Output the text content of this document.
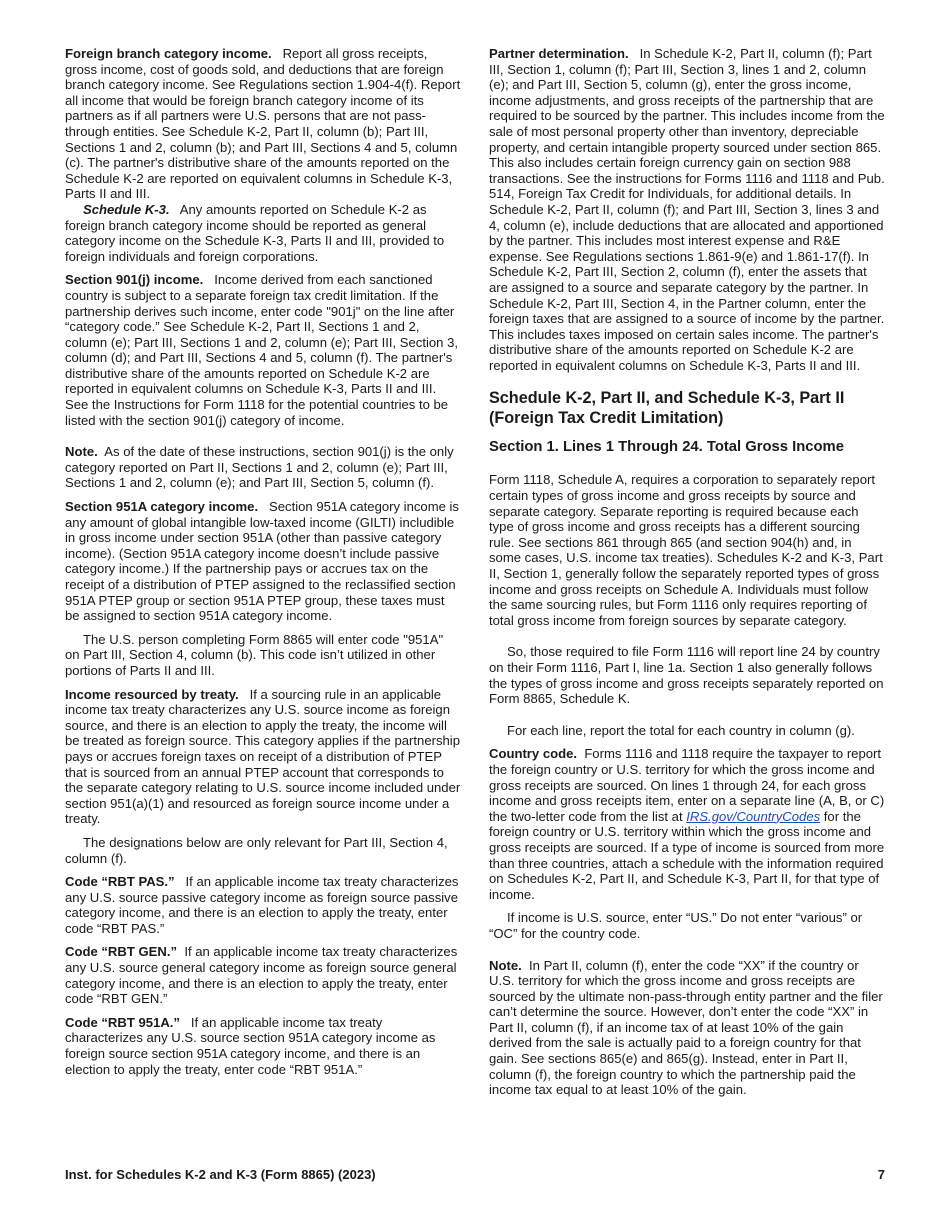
Foreign branch category income. Report all gross receipts, gross income, cost of goods sold, and deductions that are foreign branch category income. See Regulations section 1.904-4(f). Report all income that would be foreign branch category income of its partners as if all partners were U.S. persons that are not pass-through entities. See Schedule K-2, Part II, column (b); Part III, Sections 1 and 2, column (b); and Part III, Sections 4 and 5, column (c). The partner's distributive share of the amounts reported on the Schedule K-2 are reported on equivalent columns in Schedule K-3, Parts II and III.

Schedule K-3. Any amounts reported on Schedule K-2 as foreign branch category income should be reported as general category income on the Schedule K-3, Parts II and III, provided to foreign individuals and foreign corporations.

Section 901(j) income. Income derived from each sanctioned country is subject to a separate foreign tax credit limitation. If the partnership derives such income, enter code "901j" on the line after “category code.” See Schedule K-2, Part II, Sections 1 and 2, column (e); Part III, Sections 1 and 2, column (e); Part III, Section 3, column (d); and Part III, Sections 4 and 5, column (f). The partner's distributive share of the amounts reported on Schedule K-2 are reported in equivalent columns on Schedule K-3, Parts II and III. See the Instructions for Form 1118 for the potential countries to be listed with the section 901(j) category of income.

Note. As of the date of these instructions, section 901(j) is the only category reported on Part II, Sections 1 and 2, column (e); Part III, Sections 1 and 2, column (e); and Part III, Section 5, column (f).

Section 951A category income. Section 951A category income is any amount of global intangible low-taxed income (GILTI) includible in gross income under section 951A (other than passive category income). (Section 951A category income doesn’t include passive category income.) If the partnership pays or accrues tax on the receipt of a distribution of PTEP assigned to the reclassified section 951A PTEP group or section 951A PTEP group, these taxes must be assigned to section 951A category income.

The U.S. person completing Form 8865 will enter code "951A" on Part III, Section 4, column (b). This code isn’t utilized in other portions of Parts II and III.

Income resourced by treaty. If a sourcing rule in an applicable income tax treaty characterizes any U.S. source income as foreign source, and there is an election to apply the treaty, the income will be treated as foreign source. This category applies if the partnership pays or accrues foreign taxes on receipt of a distribution of PTEP that is sourced from an annual PTEP account that corresponds to the separate category relating to U.S. source income included under section 951(a)(1) and resourced as foreign source income under a treaty.

The designations below are only relevant for Part III, Section 4, column (f).

Code “RBT PAS.” If an applicable income tax treaty characterizes any U.S. source passive category income as foreign source passive category income, and there is an election to apply the treaty, enter code “RBT PAS.”

Code “RBT GEN.” If an applicable income tax treaty characterizes any U.S. source general category income as foreign source general category income, and there is an election to apply the treaty, enter code “RBT GEN.”

Code “RBT 951A.” If an applicable income tax treaty characterizes any U.S. source section 951A category income as foreign source section 951A category income, and there is an election to apply the treaty, enter code “RBT 951A.”

Partner determination. In Schedule K-2, Part II, column (f); Part III, Section 1, column (f); Part III, Section 3, lines 1 and 2, column (e); and Part III, Section 5, column (g), enter the gross income, income adjustments, and gross receipts of the partnership that are required to be sourced by the partner. This includes income from the sale of most personal property other than inventory, depreciable property, and certain intangible property sourced under section 865. This also includes certain foreign currency gain on section 988 transactions. See the instructions for Forms 1116 and 1118 and Pub. 514, Foreign Tax Credit for Individuals, for additional details. In Schedule K-2, Part II, column (f); and Part III, Section 3, lines 3 and 4, column (e), include deductions that are allocated and apportioned by the partner. This includes most interest expense and R&E expense. See Regulations sections 1.861-9(e) and 1.861-17(f). In Schedule K-2, Part III, Section 2, column (f), enter the assets that are assigned to a source and separate category by the partner. In Schedule K-2, Part III, Section 4, in the Partner column, enter the foreign taxes that are assigned to a source of income by the partner. This includes taxes imposed on certain sales income. The partner's distributive share of the amounts reported on Schedule K-2 are reported in equivalent columns on Schedule K-3, Parts II and III.

Schedule K-2, Part II, and Schedule K-3, Part II (Foreign Tax Credit Limitation)
Section 1. Lines 1 Through 24. Total Gross Income

Form 1118, Schedule A, requires a corporation to separately report certain types of gross income and gross receipts by source and separate category. Separate reporting is required because each type of gross income and gross receipts has a different sourcing rule. See sections 861 through 865 (and section 904(h) and, in some cases, U.S. income tax treaties). Schedules K-2 and K-3, Part II, Section 1, generally follow the separately reported types of gross income and gross receipts on Schedule A. Individuals must follow the same sourcing rules, but Form 1116 only requires reporting of total gross income from foreign sources by separate category.

So, those required to file Form 1116 will report line 24 by country on their Form 1116, Part I, line 1a. Section 1 also generally follows the types of gross income and gross receipts separately reported on Form 8865, Schedule K.

For each line, report the total for each country in column (g).

Country code. Forms 1116 and 1118 require the taxpayer to report the foreign country or U.S. territory for which the gross income and gross receipts are sourced. On lines 1 through 24, for each gross income and gross receipts item, enter on a separate line (A, B, or C) the two-letter code from the list at IRS.gov/CountryCodes for the foreign country or U.S. territory within which the gross income and gross receipts are sourced. If a type of income is sourced from more than three countries, attach a schedule with the information required on Schedules K-2, Part II, and Schedule K-3, Part II, for that type of income.

If income is U.S. source, enter “US.” Do not enter “various” or “OC” for the country code.

Note. In Part II, column (f), enter the code “XX” if the country or U.S. territory for which the gross income and gross receipts are sourced by the ultimate non-pass-through entity partner and the filer can’t determine the source. However, don’t enter the code “XX” in Part II, column (f), if an income tax of at least 10% of the gain derived from the sale is actually paid to a foreign country for that gain. See sections 865(e) and 865(g). Instead, enter in Part II, column (f), the foreign country to which the partnership paid the income tax equal to at least 10% of the gain.

Inst. for Schedules K-2 and K-3 (Form 8865) (2023)	7
